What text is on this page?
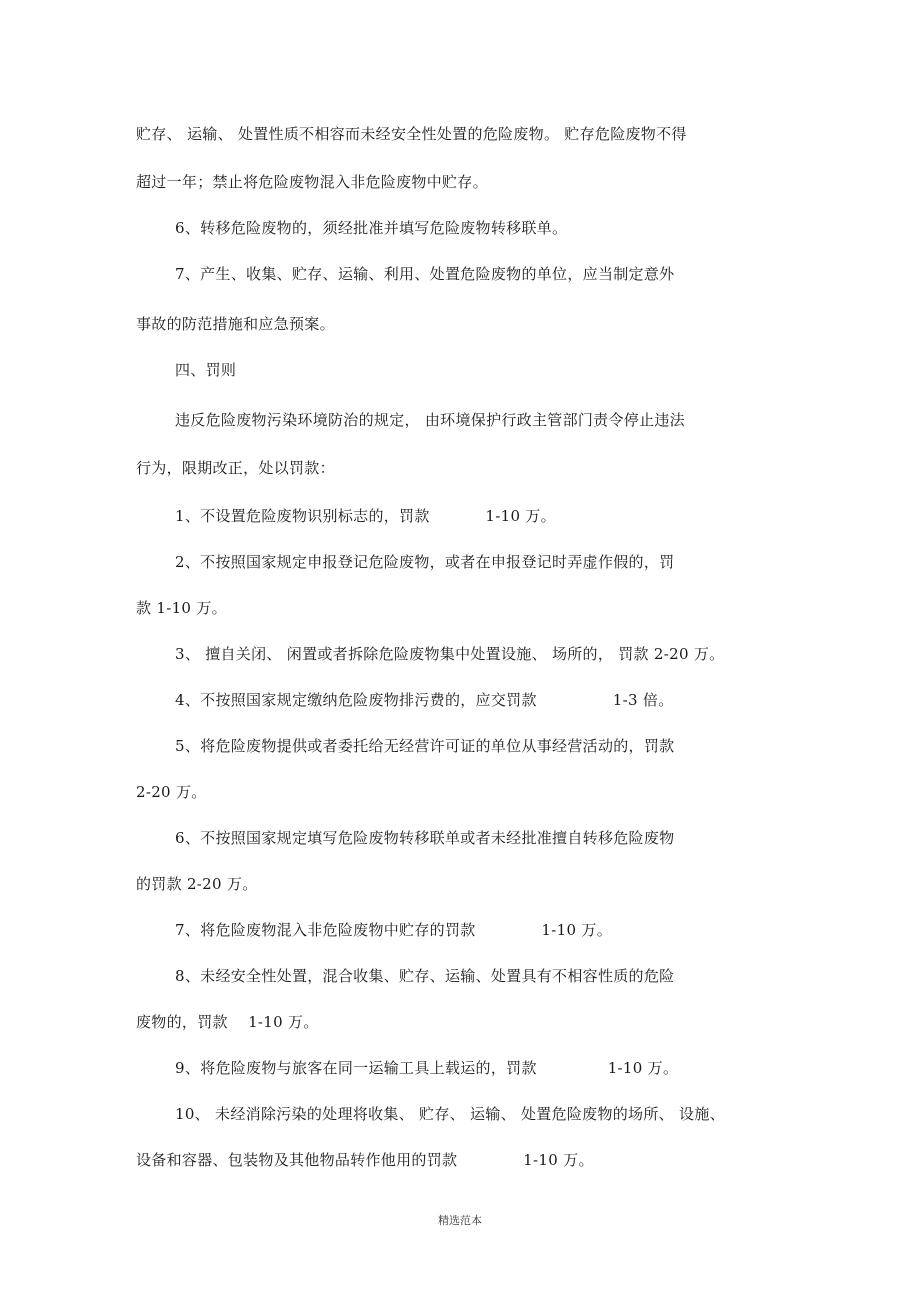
贮存、 运输、 处置性质不相容而未经安全性处置的危险废物。 贮存危险废物不得
超过一年；禁止将危险废物混入非危险废物中贮存。
6、转移危险废物的，须经批准并填写危险废物转移联单。
7、产生、收集、贮存、运输、利用、处置危险废物的单位，应当制定意外
事故的防范措施和应急预案。
四、罚则
违反危险废物污染环境防治的规定， 由环境保护行政主管部门责令停止违法
行为，限期改正，处以罚款：
1、不设置危险废物识别标志的，罚款           1-10 万。
2、不按照国家规定申报登记危险废物，或者在申报登记时弄虚作假的，罚
款 1-10 万。
3、 擅自关闭、 闲置或者拆除危险废物集中处置设施、 场所的， 罚款 2-20 万。
4、不按照国家规定缴纳危险废物排污费的，应交罚款               1-3 倍。
5、将危险废物提供或者委托给无经营许可证的单位从事经营活动的，罚款
2-20 万。
6、不按照国家规定填写危险废物转移联单或者未经批准擅自转移危险废物
的罚款 2-20 万。
7、将危险废物混入非危险废物中贮存的罚款             1-10 万。
8、未经安全性处置，混合收集、贮存、运输、处置具有不相容性质的危险
废物的，罚款    1-10 万。
9、将危险废物与旅客在同一运输工具上载运的，罚款              1-10 万。
10、 未经消除污染的处理将收集、 贮存、 运输、 处置危险废物的场所、 设施、
设备和容器、包装物及其他物品转作他用的罚款             1-10 万。
精选范本
